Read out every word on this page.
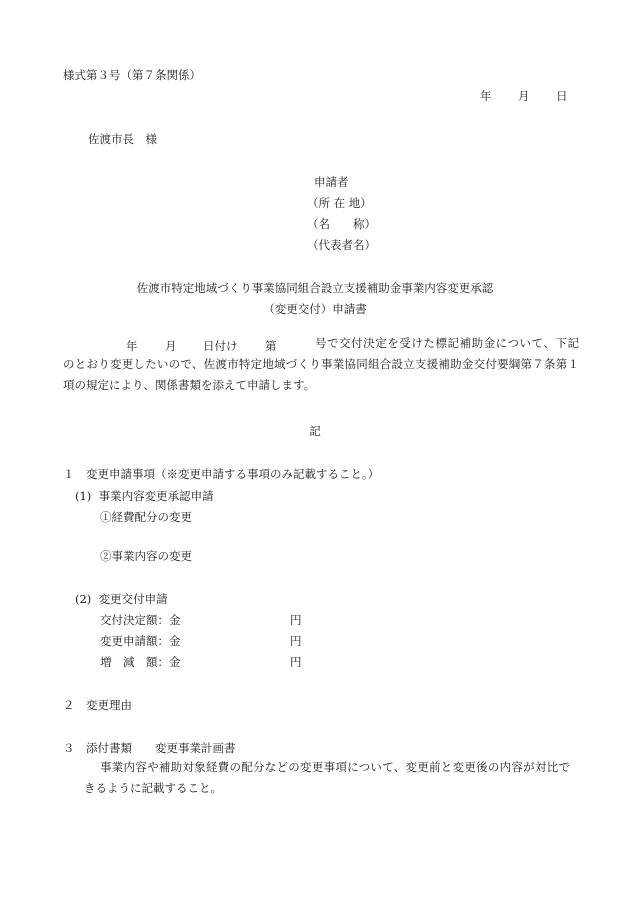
様式第３号（第７条関係）
年 月 日
佐渡市長　様
申請者
（所 在 地）
（名　　称）
（代表者名）
佐渡市特定地域づくり事業協同組合設立支援補助金事業内容変更承認
（変更交付）申請書
年 月 日付け 第	号で交付決定を受けた標記補助金について、下記のとおり変更したいので、佐渡市特定地域づくり事業協同組合設立支援補助金交付要綱第７条第１項の規定により、関係書類を添えて申請します。
記
１　変更申請事項（※変更申請する事項のみ記載すること。）
(1)  事業内容変更承認申請
①経費配分の変更
②事業内容の変更
(2)  変更交付申請
交付決定額：金	円
変更申請額：金	円
増　減　額：金	円
２　変更理由
３　添付書類　　変更事業計画書
事業内容や補助対象経費の配分などの変更事項について、変更前と変更後の内容が対比できるように記載すること。
